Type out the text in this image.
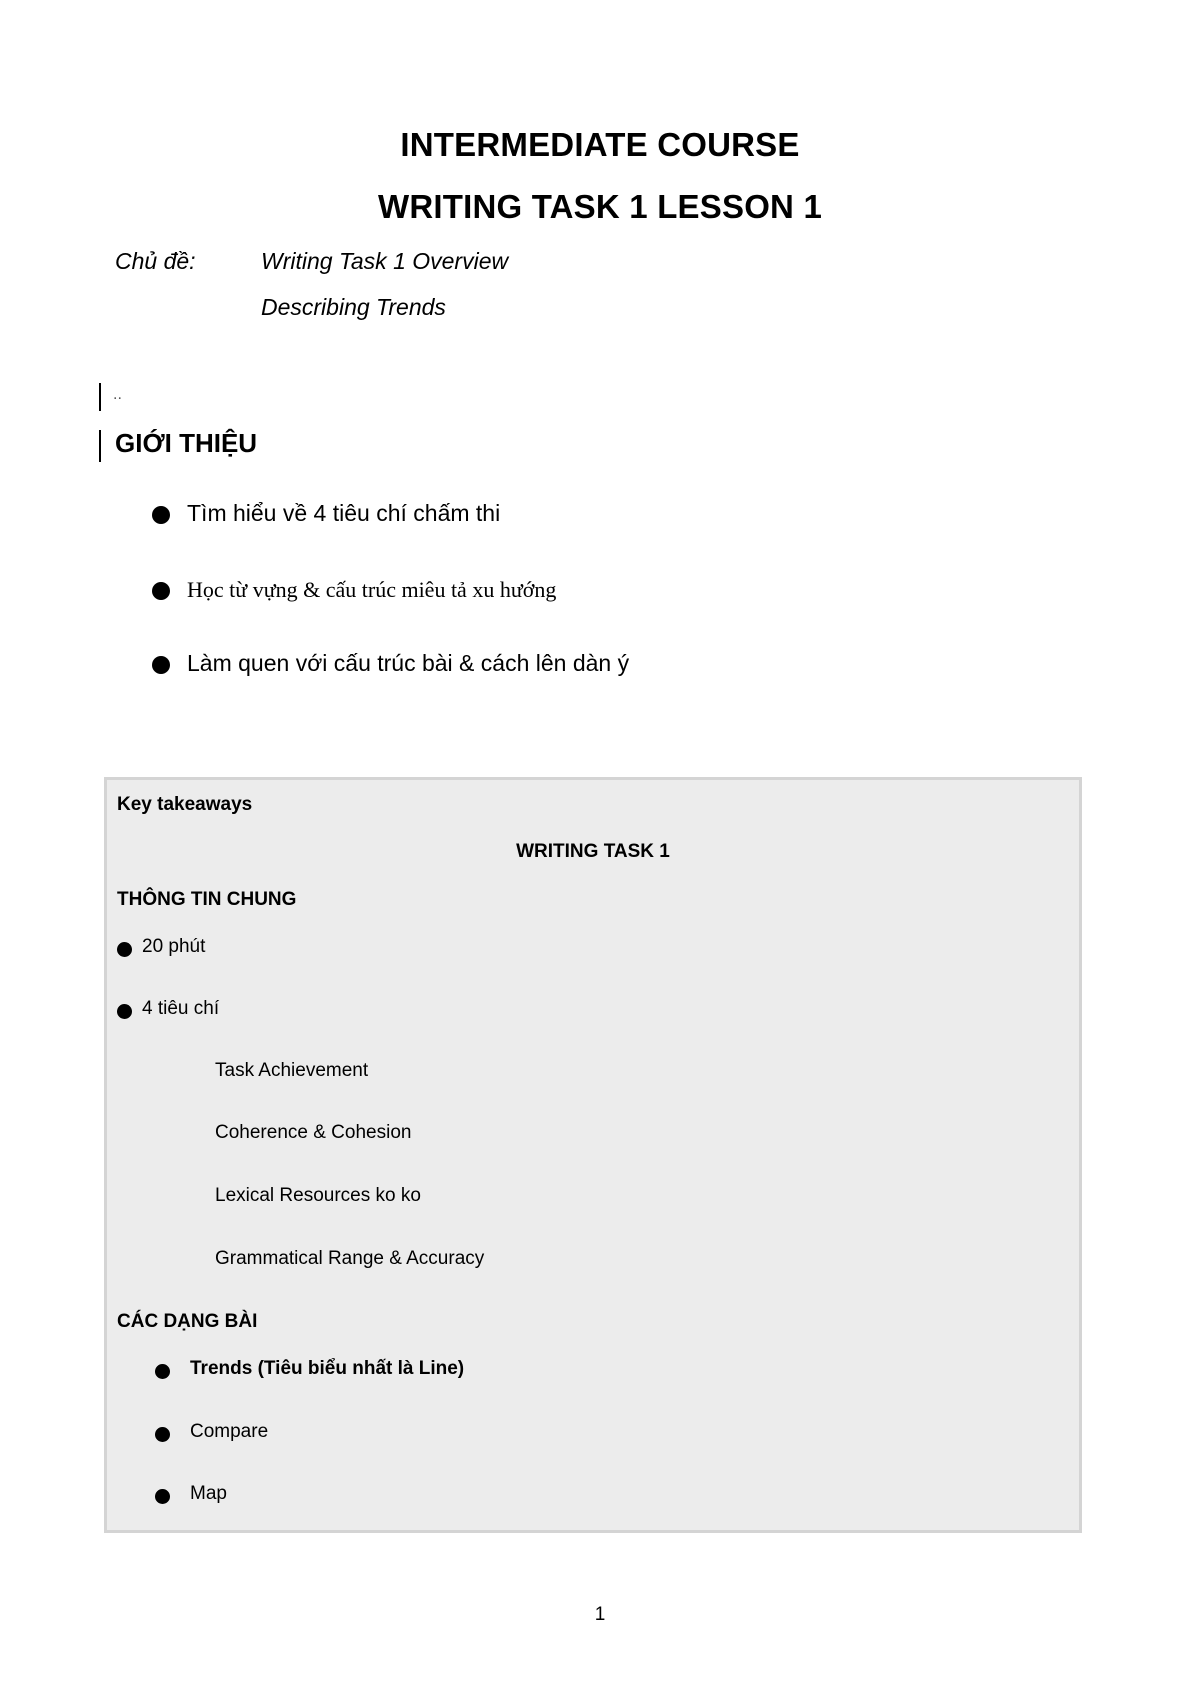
INTERMEDIATE COURSE
WRITING TASK 1 LESSON 1
Chủ đề:	Writing Task 1 Overview
Describing Trends
..
GIỚI THIỆU
Tìm hiểu về 4 tiêu chí chấm thi
Học từ vựng & cấu trúc miêu tả xu hướng
Làm quen với cấu trúc bài & cách lên dàn ý
Key takeaways
WRITING TASK 1
THÔNG TIN CHUNG
20 phút
4 tiêu chí
Task Achievement
Coherence & Cohesion
Lexical Resources ko ko
Grammatical Range & Accuracy
CÁC DẠNG BÀI
Trends (Tiêu biểu nhất là Line)
Compare
Map
1
